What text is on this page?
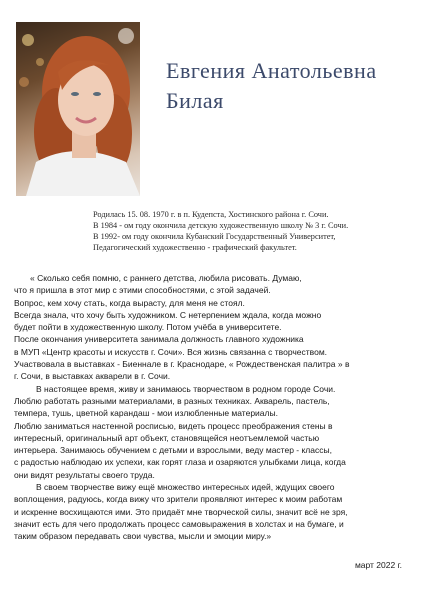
Евгения Анатольевна
Билая
Родилась 15. 08. 1970 г. в п. Кудепста, Хостинского района г. Сочи.
В 1984 - ом году окончила детскую художественную школу № 3 г. Сочи.
В 1992- ом году окончила Кубанский Государственный Университет,
Педагогический художественно - графический факультет.
« Сколько себя помню, с раннего детства, любила рисовать. Думаю,
что я пришла в этот мир с этими способностями, с этой задачей.
Вопрос, кем хочу стать, когда вырасту, для меня не стоял.
Всегда знала, что хочу быть художником. С нетерпением ждала, когда можно
будет пойти в художественную школу. Потом учёба в университете.
После окончания университета занимала должность главного художника
в МУП «Центр красоты и искусств г. Сочи». Вся жизнь связанна с творчеством.
Участвовала в выставках - Биеннале в г. Краснодаре, « Рождественская палитра » в
г. Сочи, в выставках акварели в г. Сочи.
В настоящее время, живу и занимаюсь творчеством в родном городе Сочи.
Люблю работать разными материалами, в разных техниках. Акварель, пастель,
темпера, тушь, цветной карандаш - мои излюбленные материалы.
Люблю заниматься настенной росписью, видеть процесс преображения стены в
интересный, оригинальный арт объект, становящейся неотъемлемой частью
интерьера. Занимаюсь обучением с детьми и взрослыми, веду мастер - классы,
с радостью наблюдаю их успехи, как горят глаза и озаряются улыбками лица, когда
они видят результаты своего труда.
В своем творчестве вижу ещё множество интересных идей, ждущих своего
воплощения, радуюсь, когда вижу что зрители проявляют интерес к моим работам
и искренне восхищаются ими. Это придаёт мне творческой силы, значит всё не зря,
значит есть для чего продолжать процесс самовыражения в холстах и на бумаге, и
таким образом передавать свои чувства, мысли и эмоции миру.»
март 2022 г.
